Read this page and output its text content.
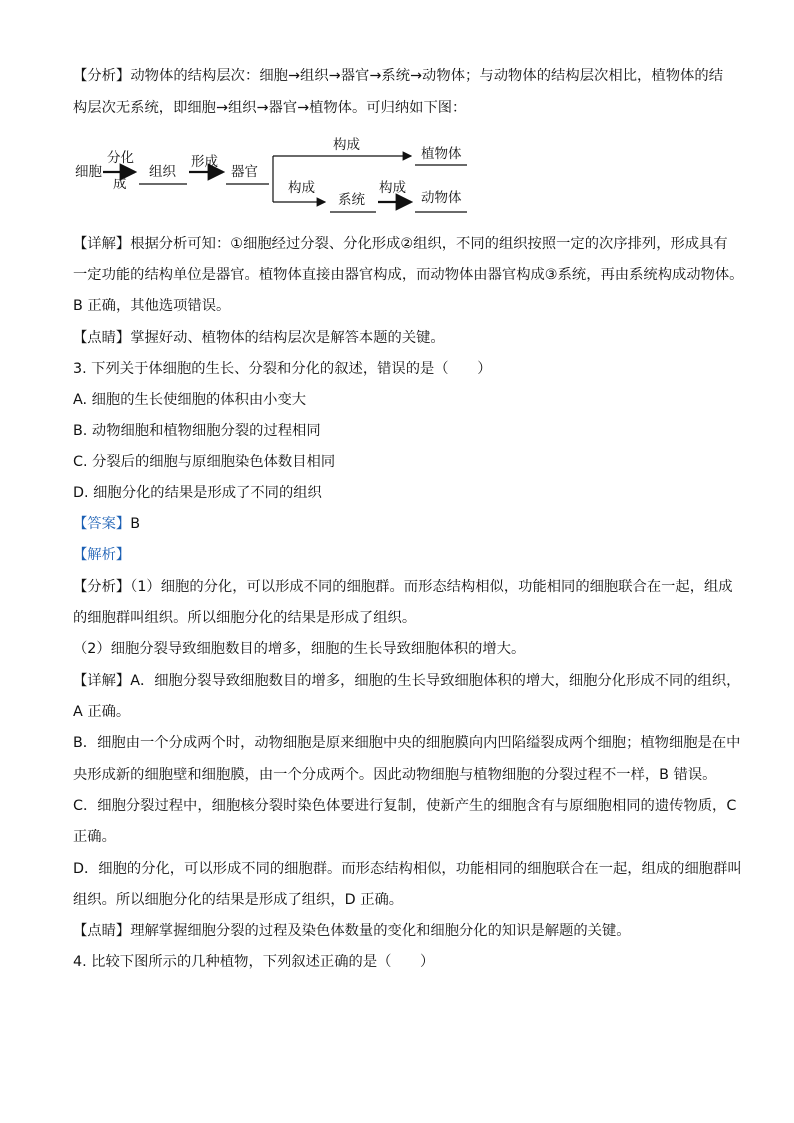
【分析】动物体的结构层次：细胞→组织→器官→系统→动物体；与动物体的结构层次相比，植物体的结
构层次无系统，即细胞→组织→器官→植物体。可归纳如下图：
细胞
分化
成
组织
形成
器官
构成
植物体
构成
系统
构成
动物体
【详解】根据分析可知：①细胞经过分裂、分化形成②组织，不同的组织按照一定的次序排列，形成具有
一定功能的结构单位是器官。植物体直接由器官构成，而动物体由器官构成③系统，再由系统构成动物体。
B 正确，其他选项错误。
【点睛】掌握好动、植物体的结构层次是解答本题的关键。
3. 下列关于体细胞的生长、分裂和分化的叙述，错误的是（　　）
A. 细胞的生长使细胞的体积由小变大
B. 动物细胞和植物细胞分裂的过程相同
C. 分裂后的细胞与原细胞染色体数目相同
D. 细胞分化的结果是形成了不同的组织
【答案】B
【解析】
【分析】（1）细胞的分化，可以形成不同的细胞群。而形态结构相似，功能相同的细胞联合在一起，组成
的细胞群叫组织。所以细胞分化的结果是形成了组织。
（2）细胞分裂导致细胞数目的增多，细胞的生长导致细胞体积的增大。
【详解】A．细胞分裂导致细胞数目的增多，细胞的生长导致细胞体积的增大，细胞分化形成不同的组织，
A 正确。
B．细胞由一个分成两个时，动物细胞是原来细胞中央的细胞膜向内凹陷缢裂成两个细胞；植物细胞是在中
央形成新的细胞壁和细胞膜，由一个分成两个。因此动物细胞与植物细胞的分裂过程不一样，B 错误。
C．细胞分裂过程中，细胞核分裂时染色体要进行复制，使新产生的细胞含有与原细胞相同的遗传物质，C
正确。
D．细胞的分化，可以形成不同的细胞群。而形态结构相似，功能相同的细胞联合在一起，组成的细胞群叫
组织。所以细胞分化的结果是形成了组织，D 正确。
【点睛】理解掌握细胞分裂的过程及染色体数量的变化和细胞分化的知识是解题的关键。
4. 比较下图所示的几种植物，下列叙述正确的是（　　）
